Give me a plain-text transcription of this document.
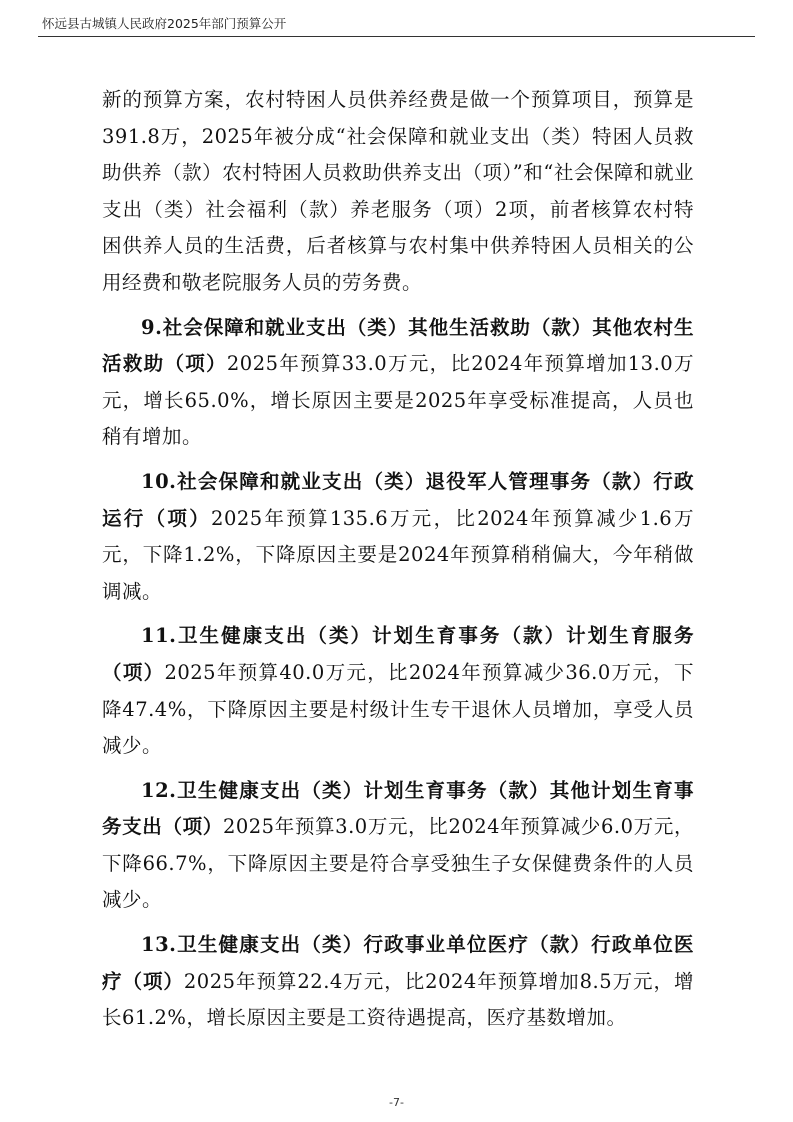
怀远县古城镇人民政府2025年部门预算公开

新的预算方案，农村特困人员供养经费是做一个预算项目，预算是391.8万，2025年被分成“社会保障和就业支出（类）特困人员救助供养（款）农村特困人员救助供养支出（项）”和“社会保障和就业支出（类）社会福利（款）养老服务（项）2项，前者核算农村特困供养人员的生活费，后者核算与农村集中供养特困人员相关的公用经费和敬老院服务人员的劳务费。

9.社会保障和就业支出（类）其他生活救助（款）其他农村生活救助（项）2025年预算33.0万元，比2024年预算增加13.0万元，增长65.0%，增长原因主要是2025年享受标准提高，人员也稍有增加。

10.社会保障和就业支出（类）退役军人管理事务（款）行政运行（项）2025年预算135.6万元，比2024年预算减少1.6万元，下降1.2%，下降原因主要是2024年预算稍稍偏大，今年稍做调减。

11.卫生健康支出（类）计划生育事务（款）计划生育服务（项）2025年预算40.0万元，比2024年预算减少36.0万元，下降47.4%，下降原因主要是村级计生专干退休人员增加，享受人员减少。

12.卫生健康支出（类）计划生育事务（款）其他计划生育事务支出（项）2025年预算3.0万元，比2024年预算减少6.0万元，下降66.7%，下降原因主要是符合享受独生子女保健费条件的人员减少。

13.卫生健康支出（类）行政事业单位医疗（款）行政单位医疗（项）2025年预算22.4万元，比2024年预算增加8.5万元，增长61.2%，增长原因主要是工资待遇提高，医疗基数增加。

-7-
